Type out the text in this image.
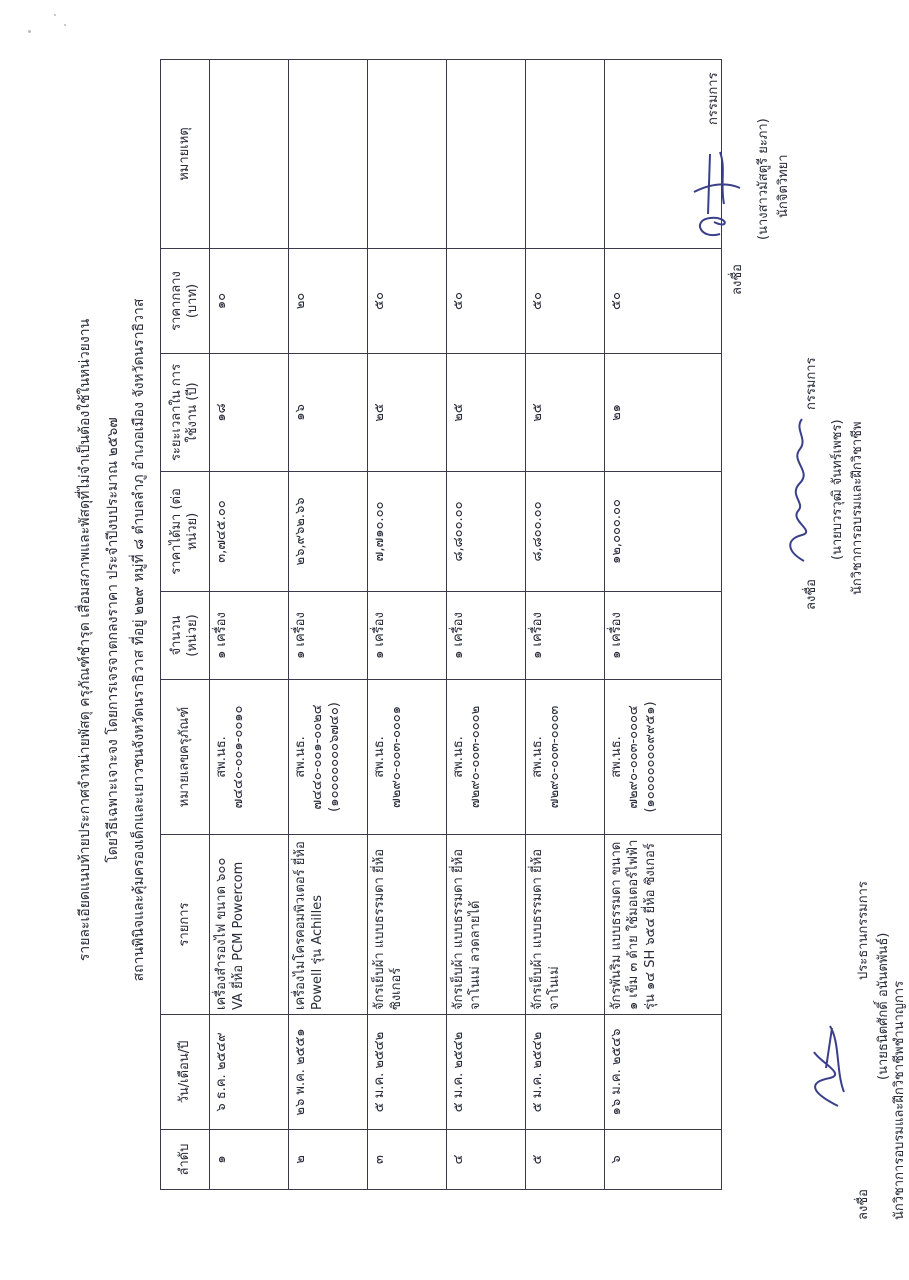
รายละเอียดแนบท้ายประกาศจำหน่ายพัสดุ ครุภัณฑ์ชำรุด เสื่อมสภาพและพัสดุที่ไม่จำเป็นต้องใช้ในหน่วยงาน โดยวิธีเฉพาะเจาะจง โดยการเจรจาตกลงราคา ประจำปีงบประมาณ ๒๕๖๗ สถานพินิจและคุ้มครองเด็กและเยาวชนจังหวัดนราธิวาส ที่อยู่ ๒๒๙ หมู่ที่ ๘ ตำบลลำภู อำเภอเมือง จังหวัดนราธิวาส
ลำดับ	วัน/เดือน/ปี	รายการ	หมายเลขครุภัณฑ์	จำนวน (หน่วย)	ราคาได้มา (ต่อหน่วย)	ระยะเวลาใน การใช้งาน (ปี)	ราคากลาง (บาท)	หมายเหตุ
๑	๖ ธ.ค. ๒๕๔๙	เครื่องสำรองไฟ ขนาด ๖๐๐ VA ยี่ห้อ PCM Powercom	สพ.นธ. ๗๔๔๐-๐๐๑-๐๐๑๐	๑ เครื่อง	๓,๗๔๕.๐๐	๑๘	๑๐	
๒	๒๖ พ.ค. ๒๕๕๑	เครื่องไมโครคอมพิวเตอร์ ยี่ห้อ Powell รุ่น Achilles	สพ.นธ. ๗๔๔๐-๐๐๑-๐๐๒๔ (๑๐๐๐๐๐๐๐๖๗๔๐)	๑ เครื่อง	๒๖,๙๖๒.๖๖	๑๖	๒๐	
๓	๕ ม.ค. ๒๕๔๒	จักรเย็บผ้า แบบธรรมดา ยี่ห้อซิงเกอร์	สพ.นธ. ๗๒๙๐-๐๐๓-๐๐๐๑	๑ เครื่อง	๗,๗๑๐.๐๐	๒๕	๕๐	
๔	๕ ม.ค. ๒๕๔๒	จักรเย็บผ้า แบบธรรมดา ยี่ห้อจาโนเม่ ลวดลายได้	สพ.นธ. ๗๒๙๐-๐๐๓-๐๐๐๒	๑ เครื่อง	๘,๘๐๐.๐๐	๒๕	๕๐	
๕	๕ ม.ค. ๒๕๔๒	จักรเย็บผ้า แบบธรรมดา ยี่ห้อจาโนเม่	สพ.นธ. ๗๒๙๐-๐๐๓-๐๐๐๓	๑ เครื่อง	๘,๘๐๐.๐๐	๒๕	๕๐	
๖	๑๖ ม.ค. ๒๕๔๖	จักรพันริม แบบธรรมดา ขนาด ๑ เข็ม ๓ ด้าย ใช้มอเตอร์ไฟฟ้า รุ่น ๑๔ SH ๖๕๔ ยี่ห้อ ซิงเกอร์	สพ.นธ. ๗๒๙๐-๐๐๓-๐๐๐๔ (๑๐๐๐๐๐๐๐๙๙๕๑)	๑ เครื่อง	๑๒,๐๐๐.๐๐	๒๑	๕๐	
ลงชื่อ
ประธานกรรมการ
(นายธนิตศักดิ์ อนันตพันธ์) นักวิชาการอบรมและฝึกวิชาชีพชำนาญการ
ลงชื่อ
กรรมการ
(นายบวรวุฒิ จันทร์เพชร) นักวิชาการอบรมและฝึกวิชาชีพ
ลงชื่อ
(นางสาวมัสตูรี ยะภา) นักจิตวิทยา
กรรมการ
